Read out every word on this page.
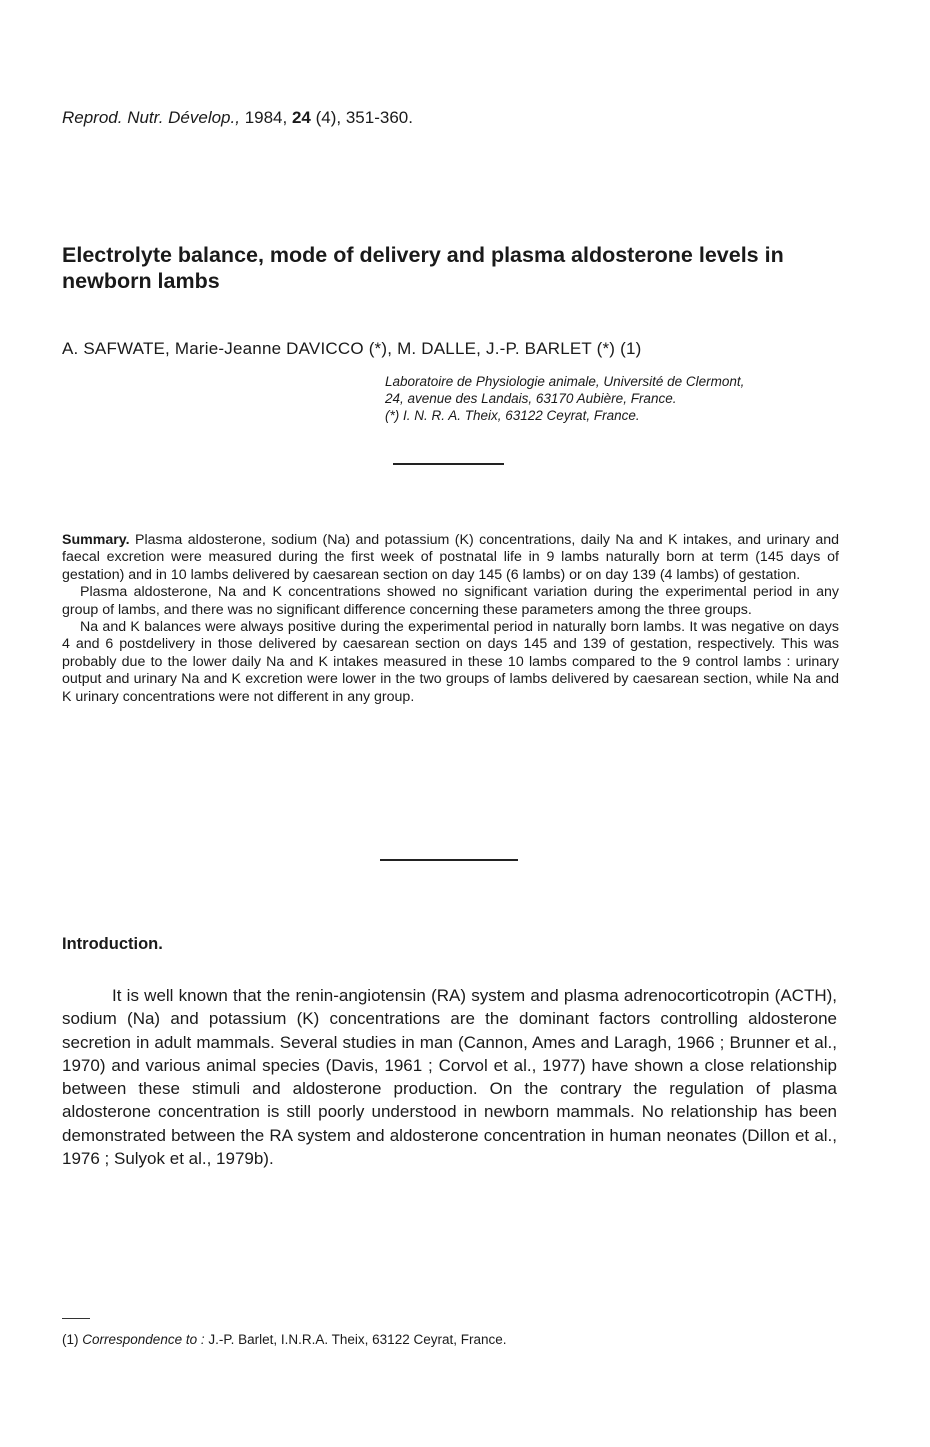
Reprod. Nutr. Dévelop., 1984, 24 (4), 351-360.
Electrolyte balance, mode of delivery and plasma aldosterone levels in newborn lambs
A. SAFWATE, Marie-Jeanne DAVICCO (*), M. DALLE, J.-P. BARLET (*) (1)
Laboratoire de Physiologie animale, Université de Clermont,
24, avenue des Landais, 63170 Aubière, France.
(*) I. N. R. A. Theix, 63122 Ceyrat, France.

Summary. Plasma aldosterone, sodium (Na) and potassium (K) concentrations, daily Na and K intakes, and urinary and faecal excretion were measured during the first week of postnatal life in 9 lambs naturally born at term (145 days of gestation) and in 10 lambs delivered by caesarean section on day 145 (6 lambs) or on day 139 (4 lambs) of gestation.

Plasma aldosterone, Na and K concentrations showed no significant variation during the experimental period in any group of lambs, and there was no significant difference concerning these parameters among the three groups.

Na and K balances were always positive during the experimental period in naturally born lambs. It was negative on days 4 and 6 postdelivery in those delivered by caesarean section on days 145 and 139 of gestation, respectively. This was probably due to the lower daily Na and K intakes measured in these 10 lambs compared to the 9 control lambs : urinary output and urinary Na and K excretion were lower in the two groups of lambs delivered by caesarean section, while Na and K urinary concentrations were not different in any group.

Introduction.
It is well known that the renin-angiotensin (RA) system and plasma adrenocorticotropin (ACTH), sodium (Na) and potassium (K) concentrations are the dominant factors controlling aldosterone secretion in adult mammals. Several studies in man (Cannon, Ames and Laragh, 1966 ; Brunner et al., 1970) and various animal species (Davis, 1961 ; Corvol et al., 1977) have shown a close relationship between these stimuli and aldosterone production. On the contrary the regulation of plasma aldosterone concentration is still poorly understood in newborn mammals. No relationship has been demonstrated between the RA system and aldosterone concentration in human neonates (Dillon et al., 1976 ; Sulyok et al., 1979b).
(1) Correspondence to : J.-P. Barlet, I.N.R.A. Theix, 63122 Ceyrat, France.
